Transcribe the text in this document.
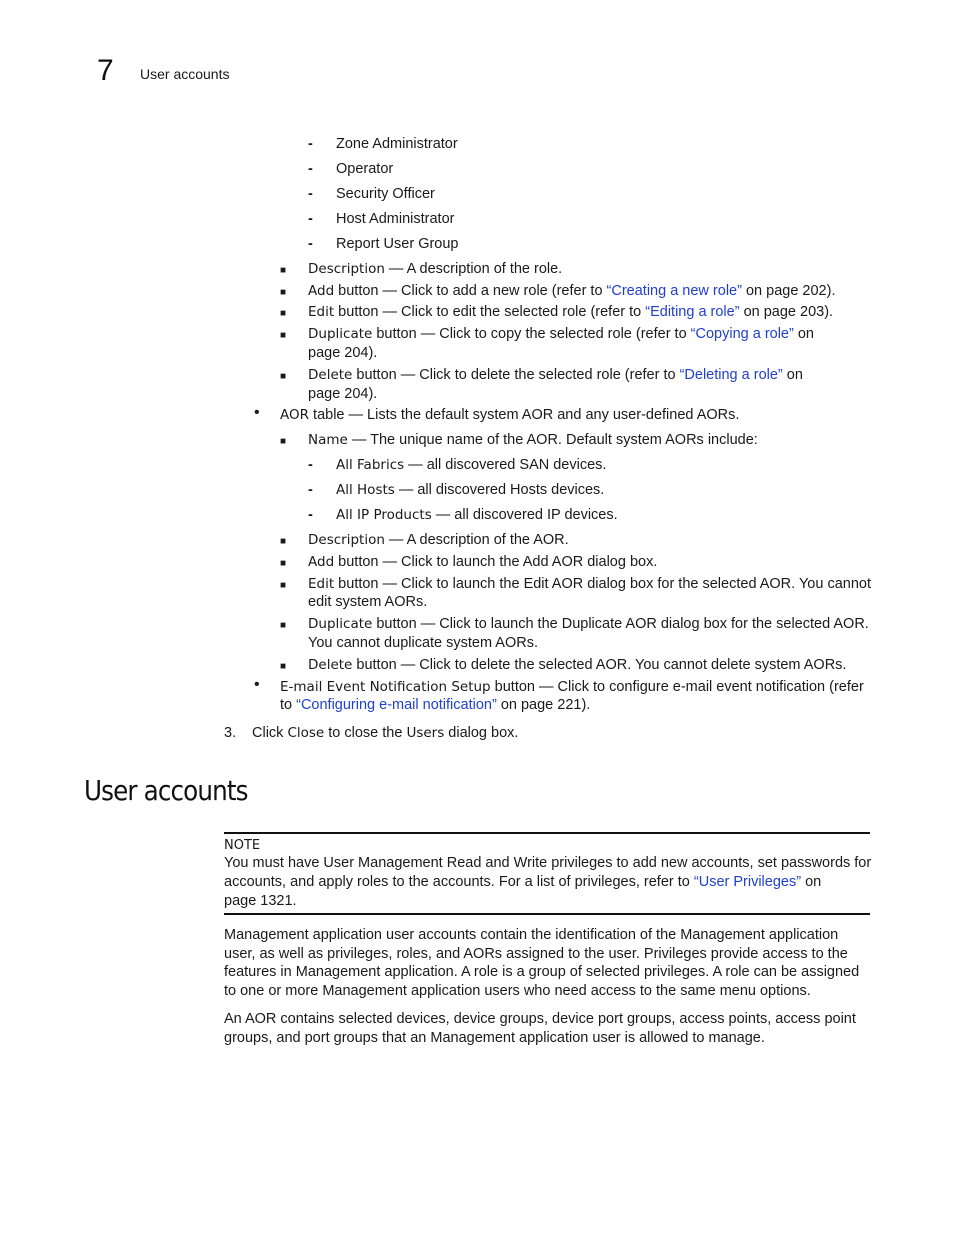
7 User accounts
- Zone Administrator
- Operator
- Security Officer
- Host Administrator
- Report User Group
■ Description — A description of the role.
■ Add button — Click to add a new role (refer to “Creating a new role” on page 202).
■ Edit button — Click to edit the selected role (refer to “Editing a role” on page 203).
■ Duplicate button — Click to copy the selected role (refer to “Copying a role” on
page 204).
■ Delete button — Click to delete the selected role (refer to “Deleting a role” on
page 204).
• AOR table — Lists the default system AOR and any user-defined AORs.
■ Name — The unique name of the AOR. Default system AORs include:
- All Fabrics — all discovered SAN devices.
- All Hosts — all discovered Hosts devices.
- All IP Products — all discovered IP devices.
■ Description — A description of the AOR.
■ Add button — Click to launch the Add AOR dialog box.
■ Edit button — Click to launch the Edit AOR dialog box for the selected AOR. You cannot
edit system AORs.
■ Duplicate button — Click to launch the Duplicate AOR dialog box for the selected AOR.
You cannot duplicate system AORs.
■ Delete button — Click to delete the selected AOR. You cannot delete system AORs.
• E-mail Event Notification Setup button — Click to configure e-mail event notification (refer
to “Configuring e-mail notification” on page 221).
3. Click Close to close the Users dialog box.
User accounts
NOTE
You must have User Management Read and Write privileges to add new accounts, set passwords for
accounts, and apply roles to the accounts. For a list of privileges, refer to “User Privileges” on
page 1321.
Management application user accounts contain the identification of the Management application
user, as well as privileges, roles, and AORs assigned to the user. Privileges provide access to the
features in Management application. A role is a group of selected privileges. A role can be assigned
to one or more Management application users who need access to the same menu options.
An AOR contains selected devices, device groups, device port groups, access points, access point
groups, and port groups that an Management application user is allowed to manage.
